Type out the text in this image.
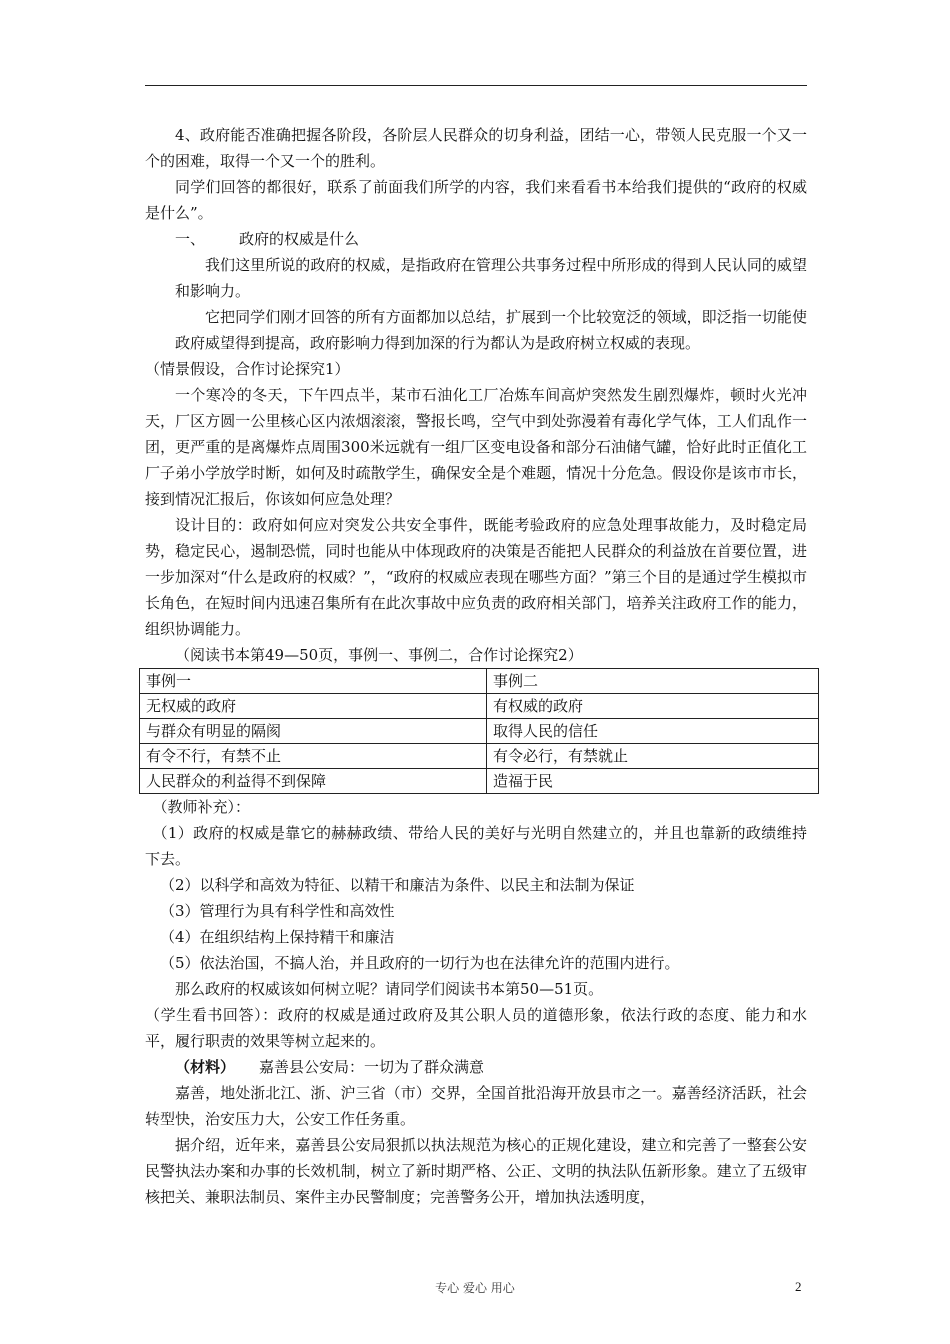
4、政府能否准确把握各阶段，各阶层人民群众的切身利益，团结一心，带领人民克服一个又一个的困难，取得一个又一个的胜利。

同学们回答的都很好，联系了前面我们所学的内容，我们来看看书本给我们提供的“政府的权威是什么”。

一、 政府的权威是什么

我们这里所说的政府的权威，是指政府在管理公共事务过程中所形成的得到人民认同的威望和影响力。

它把同学们刚才回答的所有方面都加以总结，扩展到一个比较宽泛的领域，即泛指一切能使政府威望得到提高，政府影响力得到加深的行为都认为是政府树立权威的表现。

（情景假设，合作讨论探究1）

一个寒冷的冬天，下午四点半，某市石油化工厂冶炼车间高炉突然发生剧烈爆炸，顿时火光冲天，厂区方圆一公里核心区内浓烟滚滚，警报长鸣，空气中到处弥漫着有毒化学气体，工人们乱作一团，更严重的是离爆炸点周围300米远就有一组厂区变电设备和部分石油储气罐，恰好此时正值化工厂子弟小学放学时断，如何及时疏散学生，确保安全是个难题，情况十分危急。假设你是该市市长，接到情况汇报后，你该如何应急处理？

设计目的：政府如何应对突发公共安全事件，既能考验政府的应急处理事故能力，及时稳定局势，稳定民心，遏制恐慌，同时也能从中体现政府的决策是否能把人民群众的利益放在首要位置，进一步加深对“什么是政府的权威？”，“政府的权威应表现在哪些方面？”第三个目的是通过学生模拟市长角色，在短时间内迅速召集所有在此次事故中应负责的政府相关部门，培养关注政府工作的能力，组织协调能力。

（阅读书本第49—50页，事例一、事例二，合作讨论探究2）

事例一	事例二
无权威的政府	有权威的政府
与群众有明显的隔阂	取得人民的信任
有令不行，有禁不止	有令必行，有禁就止
人民群众的利益得不到保障	造福于民

（教师补充）：

（1）政府的权威是靠它的赫赫政绩、带给人民的美好与光明自然建立的，并且也靠新的政绩维持下去。

（2）以科学和高效为特征、以精干和廉洁为条件、以民主和法制为保证

（3）管理行为具有科学性和高效性

（4）在组织结构上保持精干和廉洁

（5）依法治国，不搞人治，并且政府的一切行为也在法律允许的范围内进行。

那么政府的权威该如何树立呢？请同学们阅读书本第50—51页。

（学生看书回答）：政府的权威是通过政府及其公职人员的道德形象，依法行政的态度、能力和水平，履行职责的效果等树立起来的。

（材料） 嘉善县公安局：一切为了群众满意

嘉善，地处浙北江、浙、沪三省（市）交界，全国首批沿海开放县市之一。嘉善经济活跃，社会转型快，治安压力大，公安工作任务重。

据介绍，近年来，嘉善县公安局狠抓以执法规范为核心的正规化建设，建立和完善了一整套公安民警执法办案和办事的长效机制，树立了新时期严格、公正、文明的执法队伍新形象。建立了五级审核把关、兼职法制员、案件主办民警制度；完善警务公开，增加执法透明度，

专心 爱心 用心	2
